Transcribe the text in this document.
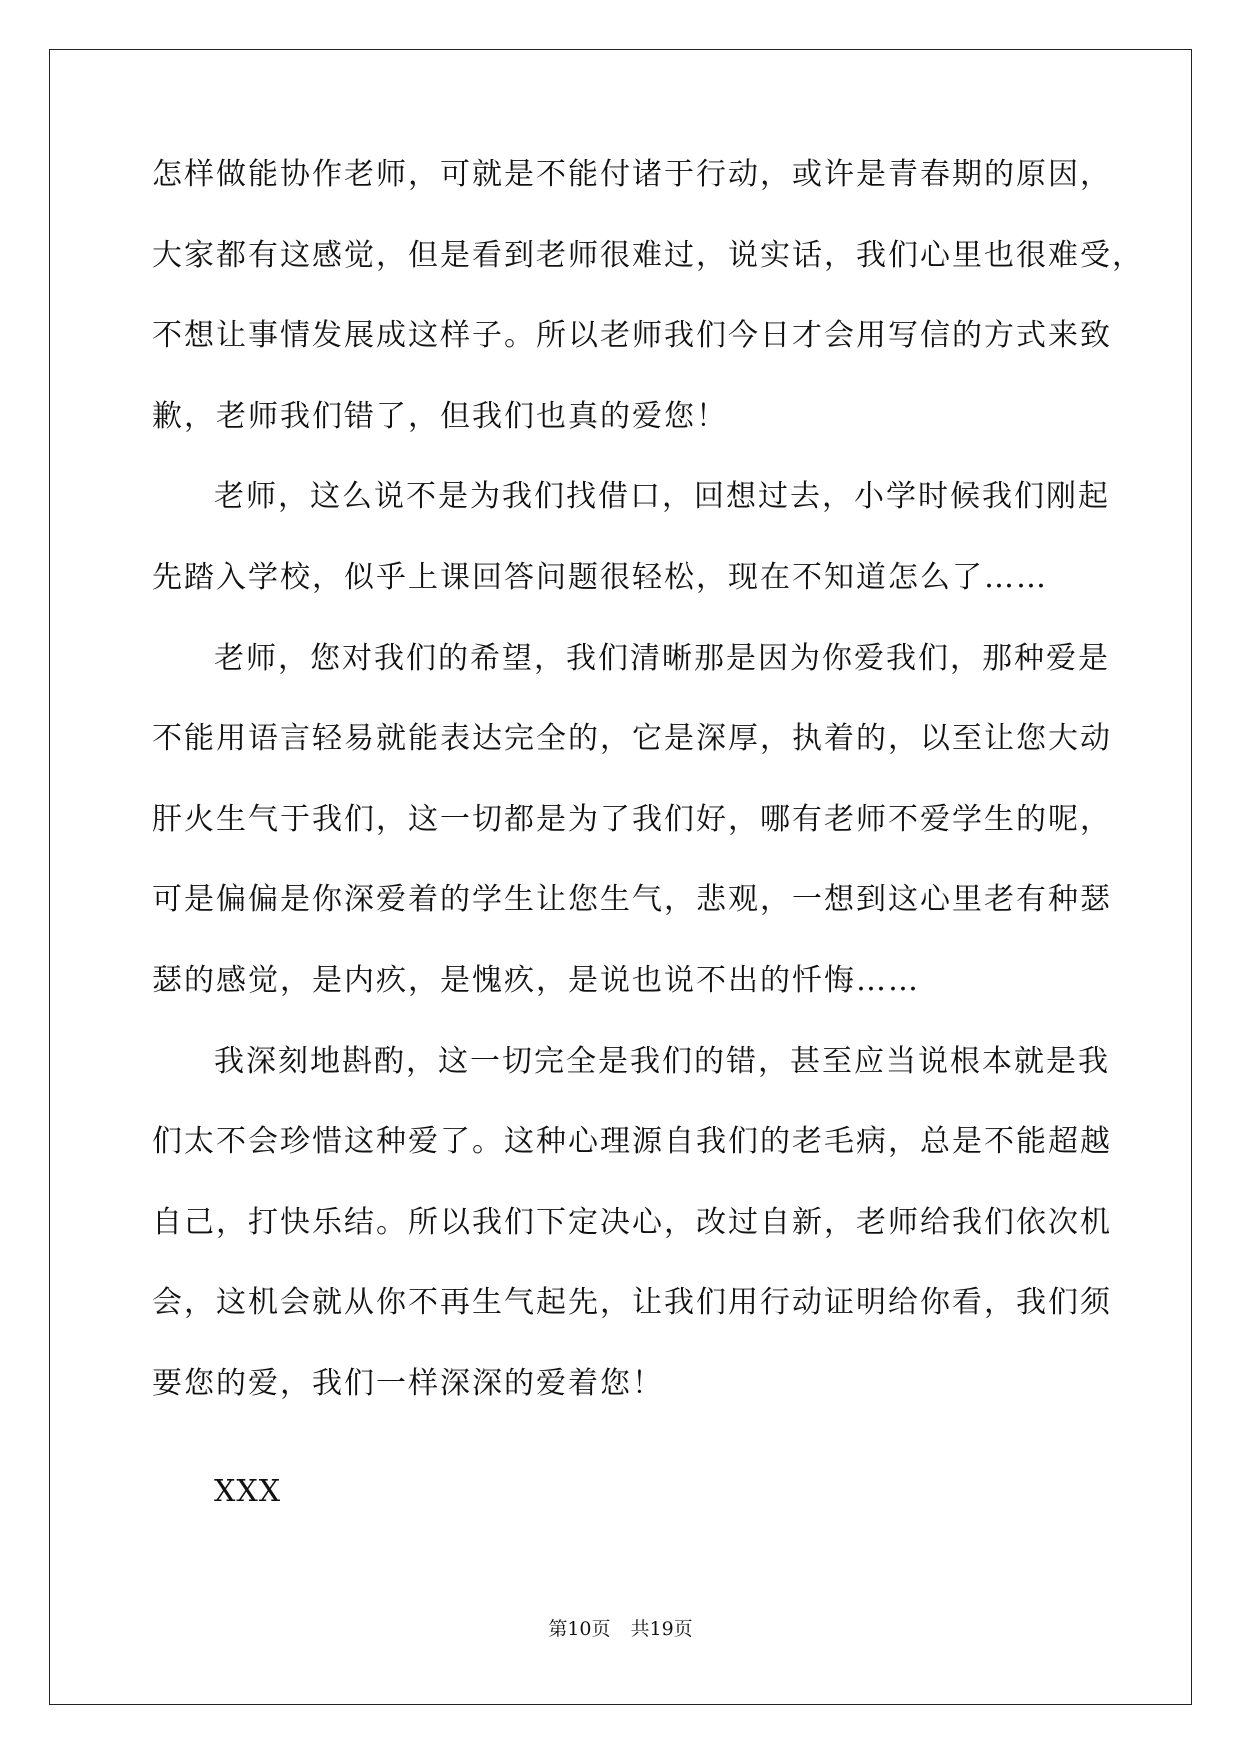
怎样做能协作老师，可就是不能付诸于行动，或许是青春期的原因，
大家都有这感觉，但是看到老师很难过，说实话，我们心里也很难受，
不想让事情发展成这样子。所以老师我们今日才会用写信的方式来致
歉，老师我们错了，但我们也真的爱您！
老师，这么说不是为我们找借口，回想过去，小学时候我们刚起
先踏入学校，似乎上课回答问题很轻松，现在不知道怎么了……
老师，您对我们的希望，我们清晰那是因为你爱我们，那种爱是
不能用语言轻易就能表达完全的，它是深厚，执着的，以至让您大动
肝火生气于我们，这一切都是为了我们好，哪有老师不爱学生的呢，
可是偏偏是你深爱着的学生让您生气，悲观，一想到这心里老有种瑟
瑟的感觉，是内疚，是愧疚，是说也说不出的忏悔……
我深刻地斟酌，这一切完全是我们的错，甚至应当说根本就是我
们太不会珍惜这种爱了。这种心理源自我们的老毛病，总是不能超越
自己，打快乐结。所以我们下定决心，改过自新，老师给我们依次机
会，这机会就从你不再生气起先，让我们用行动证明给你看，我们须
要您的爱，我们一样深深的爱着您！
XXX
第10页 共19页
